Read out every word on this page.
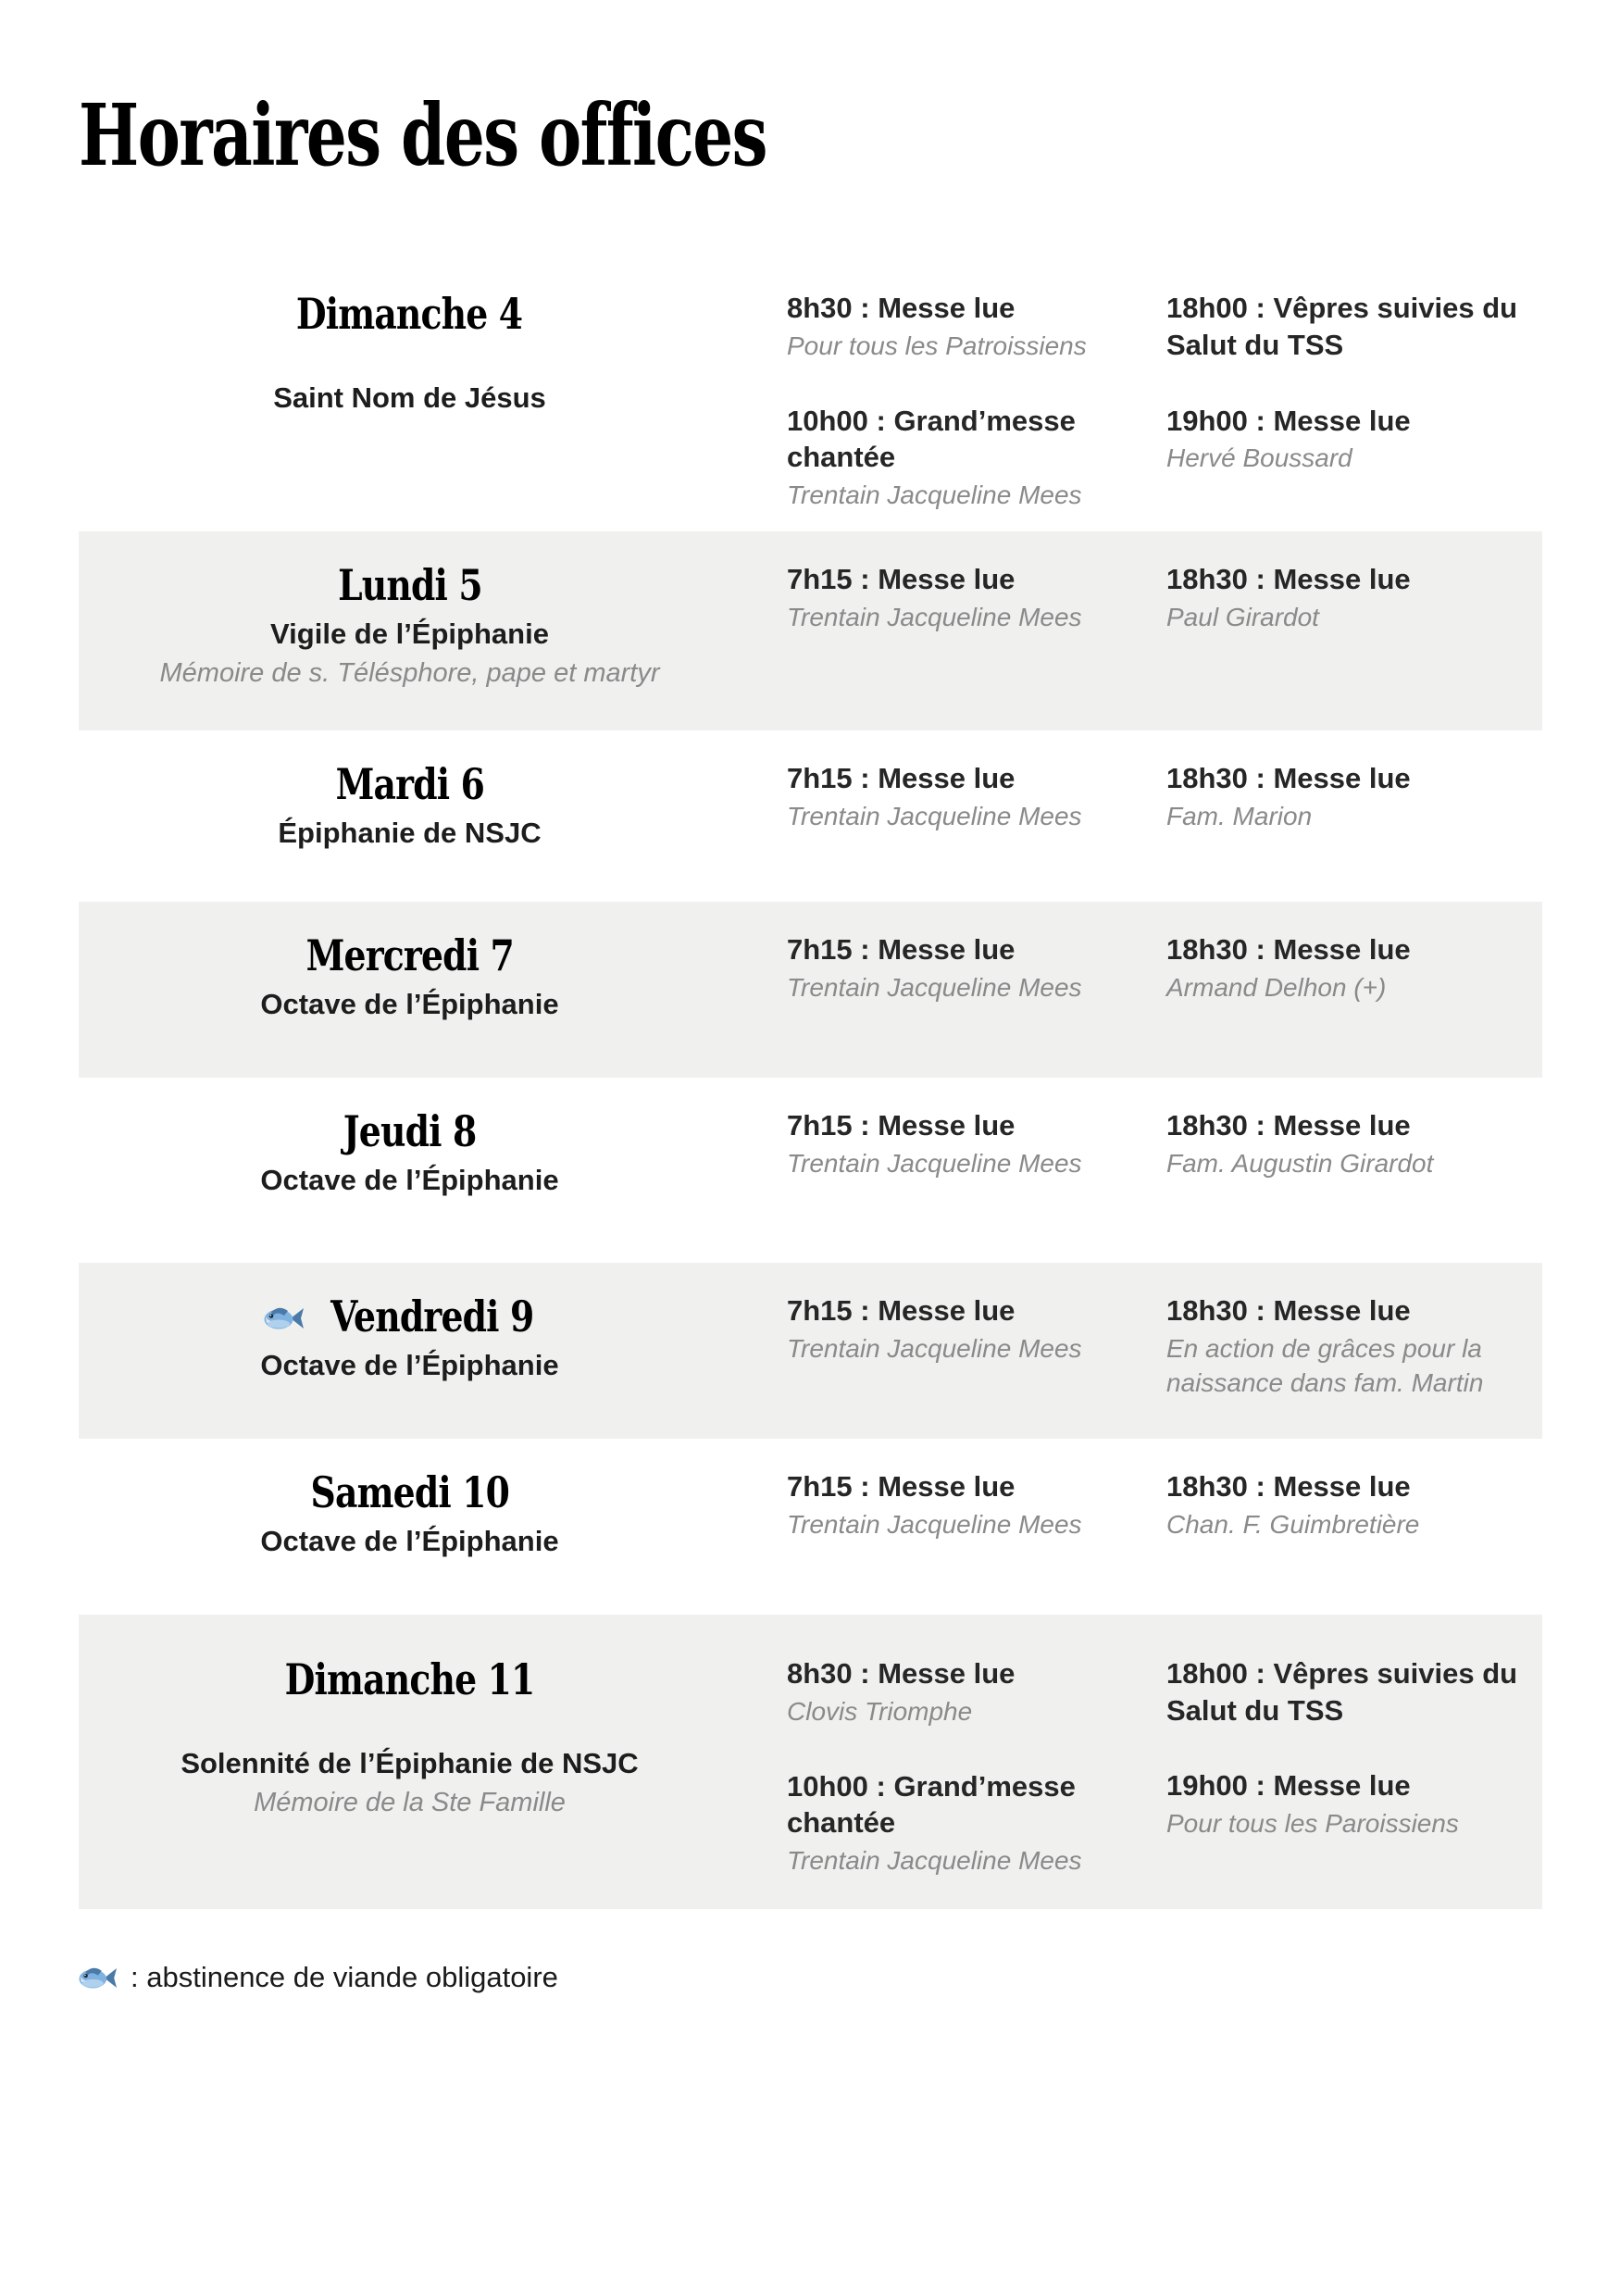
Horaires des offices
Dimanche 4
Saint Nom de Jésus
8h30 : Messe lue
Pour tous les Patroissiens
10h00 : Grand’messe chantée
Trentain Jacqueline Mees
18h00 : Vêpres suivies du Salut du TSS
19h00 : Messe lue
Hervé Boussard
Lundi 5
Vigile de l’Épiphanie
Mémoire de s. Télésphore, pape et martyr
7h15 : Messe lue
Trentain Jacqueline Mees
18h30 : Messe lue
Paul Girardot
Mardi 6
Épiphanie de NSJC
7h15 : Messe lue
Trentain Jacqueline Mees
18h30 : Messe lue
Fam. Marion
Mercredi 7
Octave de l’Épiphanie
7h15 : Messe lue
Trentain Jacqueline Mees
18h30 : Messe lue
Armand Delhon (+)
Jeudi 8
Octave de l’Épiphanie
7h15 : Messe lue
Trentain Jacqueline Mees
18h30 : Messe lue
Fam. Augustin Girardot
Vendredi 9
Octave de l’Épiphanie
7h15 : Messe lue
Trentain Jacqueline Mees
18h30 : Messe lue
En action de grâces pour la naissance dans fam. Martin
Samedi 10
Octave de l’Épiphanie
7h15 : Messe lue
Trentain Jacqueline Mees
18h30 : Messe lue
Chan. F. Guimbretière
Dimanche 11
Solennité de l’Épiphanie de NSJC
Mémoire de la Ste Famille
8h30 : Messe lue
Clovis Triomphe
10h00 : Grand’messe chantée
Trentain Jacqueline Mees
18h00 : Vêpres suivies du Salut du TSS
19h00 : Messe lue
Pour tous les Paroissiens
: abstinence de viande obligatoire
